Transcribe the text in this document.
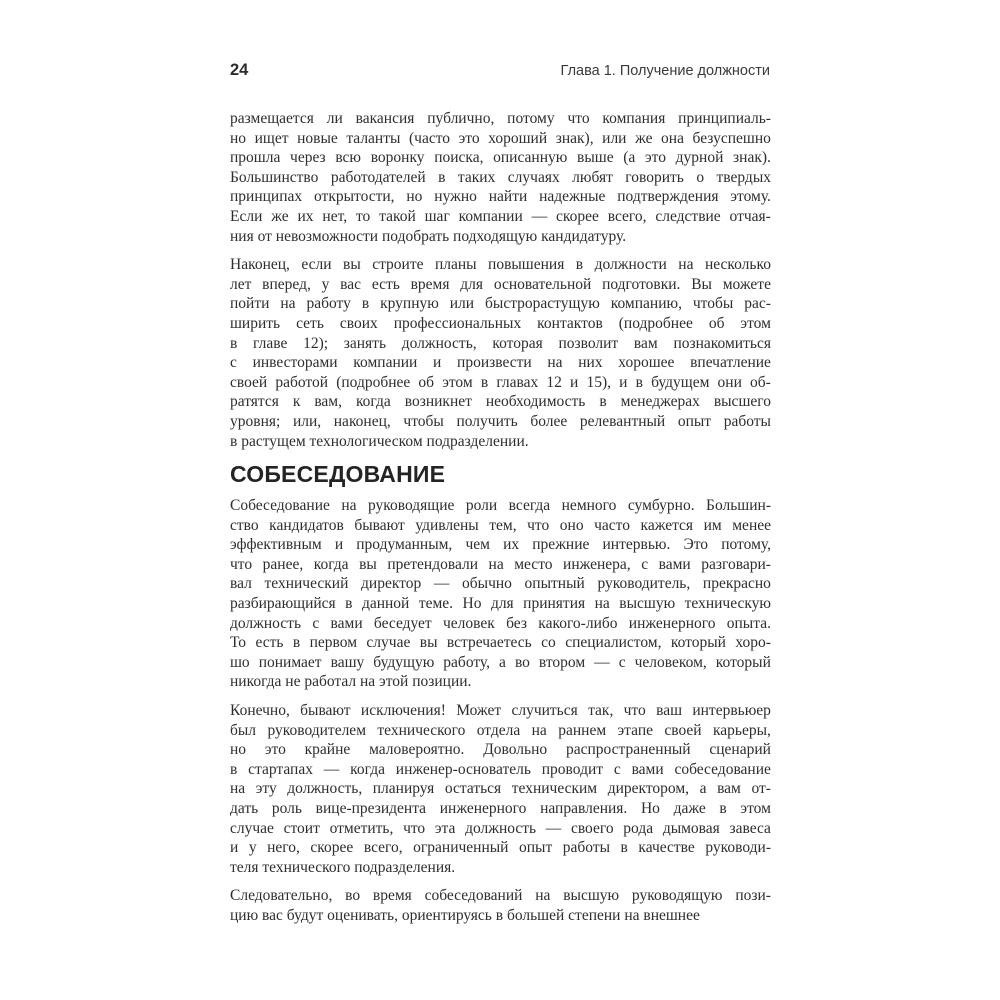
24	Глава 1. Получение должности

размещается ли вакансия публично, потому что компания принципиаль-
но ищет новые таланты (часто это хороший знак), или же она безуспешно
прошла через всю воронку поиска, описанную выше (а это дурной знак).
Большинство работодателей в таких случаях любят говорить о твердых
принципах открытости, но нужно найти надежные подтверждения этому.
Если же их нет, то такой шаг компании — скорее всего, следствие отчая-
ния от невозможности подобрать подходящую кандидатуру.

Наконец, если вы строите планы повышения в должности на несколько
лет вперед, у вас есть время для основательной подготовки. Вы можете
пойти на работу в крупную или быстрорастущую компанию, чтобы рас-
ширить сеть своих профессиональных контактов (подробнее об этом
в главе 12); занять должность, которая позволит вам познакомиться
с инвесторами компании и произвести на них хорошее впечатление
своей работой (подробнее об этом в главах 12 и 15), и в будущем они об-
ратятся к вам, когда возникнет необходимость в менеджерах высшего
уровня; или, наконец, чтобы получить более релевантный опыт работы
в растущем технологическом подразделении.

СОБЕСЕДОВАНИЕ

Собеседование на руководящие роли всегда немного сумбурно. Большин-
ство кандидатов бывают удивлены тем, что оно часто кажется им менее
эффективным и продуманным, чем их прежние интервью. Это потому,
что ранее, когда вы претендовали на место инженера, с вами разговари-
вал технический директор — обычно опытный руководитель, прекрасно
разбирающийся в данной теме. Но для принятия на высшую техническую
должность с вами беседует человек без какого-либо инженерного опыта.
То есть в первом случае вы встречаетесь со специалистом, который хоро-
шо понимает вашу будущую работу, а во втором — с человеком, который
никогда не работал на этой позиции.

Конечно, бывают исключения! Может случиться так, что ваш интервьюер
был руководителем технического отдела на раннем этапе своей карьеры,
но это крайне маловероятно. Довольно распространенный сценарий
в стартапах — когда инженер-основатель проводит с вами собеседование
на эту должность, планируя остаться техническим директором, а вам от-
дать роль вице-президента инженерного направления. Но даже в этом
случае стоит отметить, что эта должность — своего рода дымовая завеса
и у него, скорее всего, ограниченный опыт работы в качестве руководи-
теля технического подразделения.

Следовательно, во время собеседований на высшую руководящую пози-
цию вас будут оценивать, ориентируясь в большей степени на внешнее
